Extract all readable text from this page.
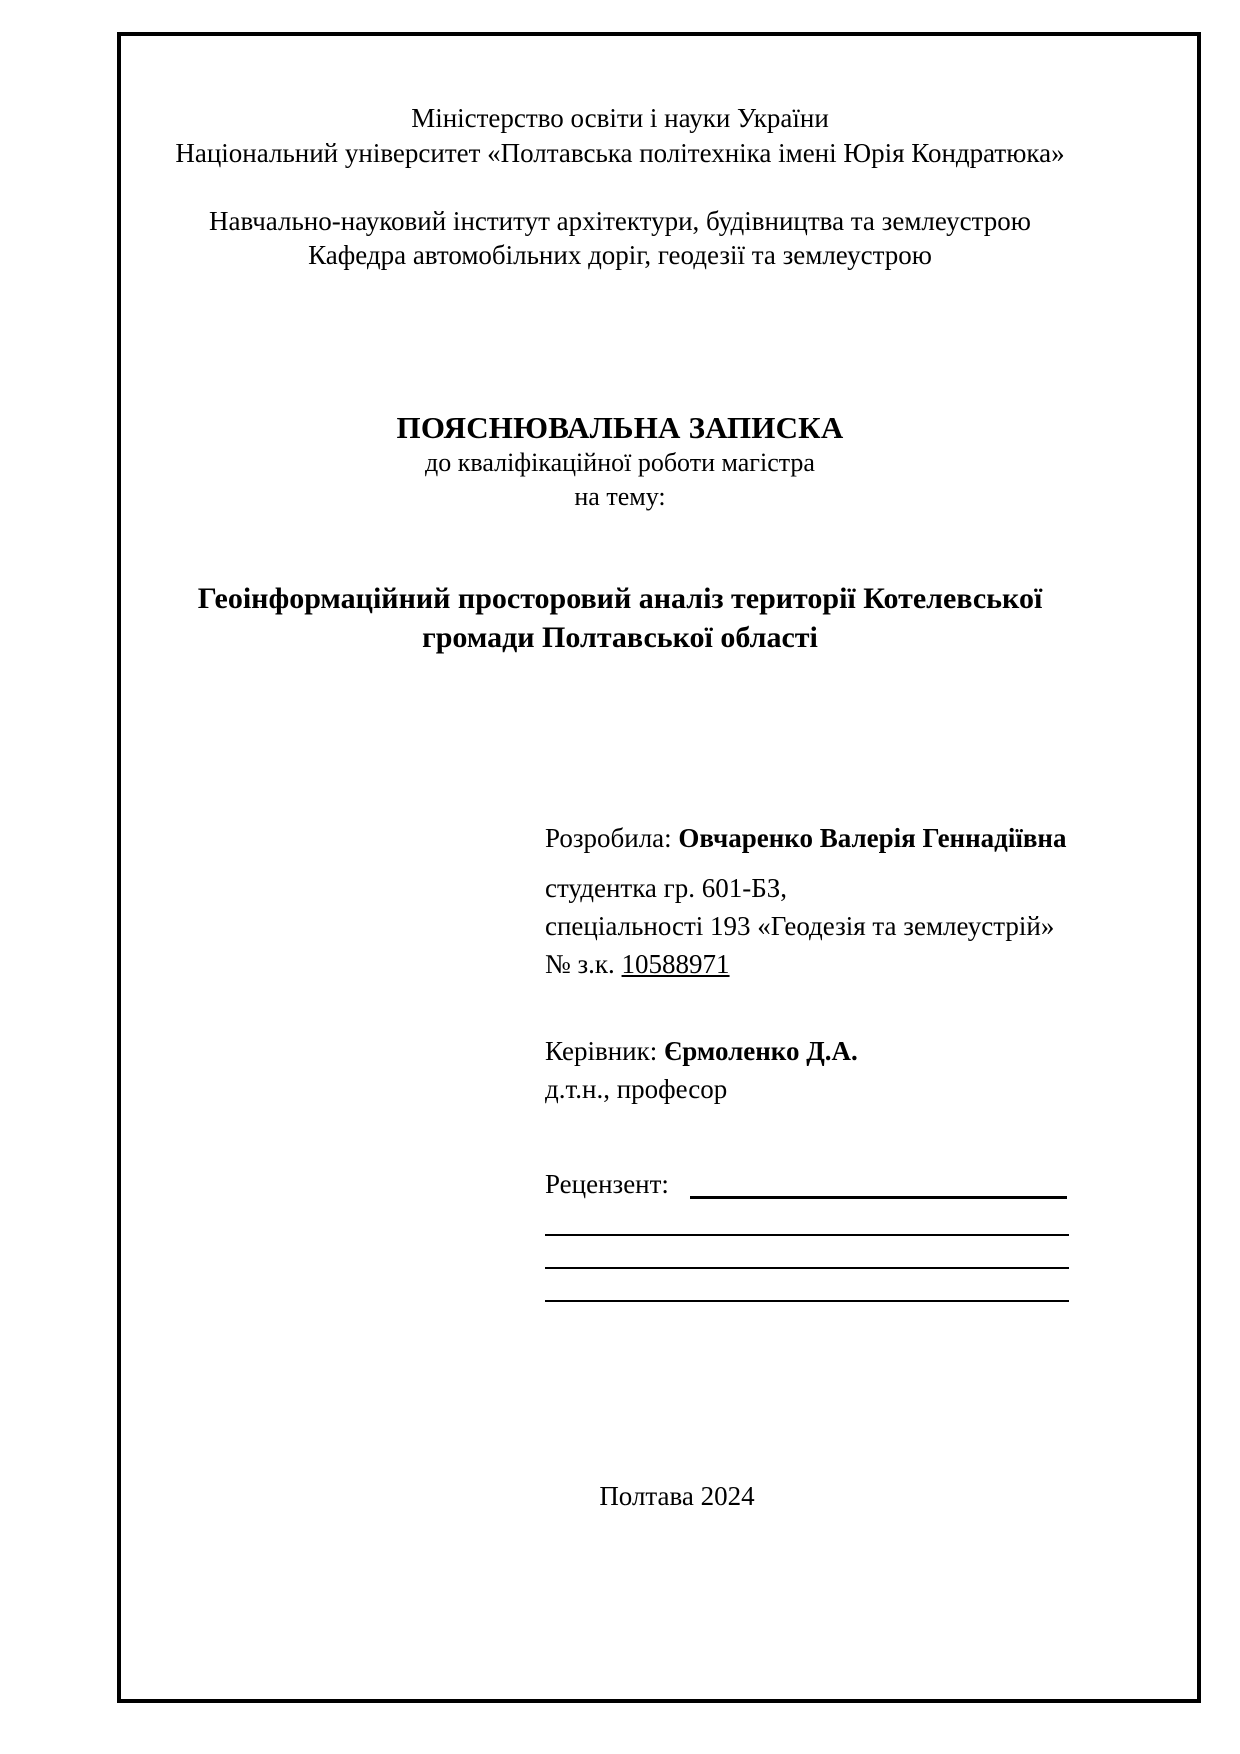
Міністерство освіти і науки України
Національний університет «Полтавська політехніка імені Юрія Кондратюка»
Навчально-науковий інститут архітектури, будівництва та землеустрою
Кафедра автомобільних доріг, геодезії та землеустрою
ПОЯСНЮВАЛЬНА ЗАПИСКА
до кваліфікаційної роботи магістра
на тему:
Геоінформаційний просторовий аналіз території Котелевської
громади Полтавської області
Розробила: Овчаренко Валерія Геннадіївна
студентка гр. 601-БЗ,
спеціальності 193 «Геодезія та землеустрій»
№ з.к. 10588971
Керівник: Єрмоленко Д.А.
д.т.н., професор
Рецензент:
Полтава 2024
